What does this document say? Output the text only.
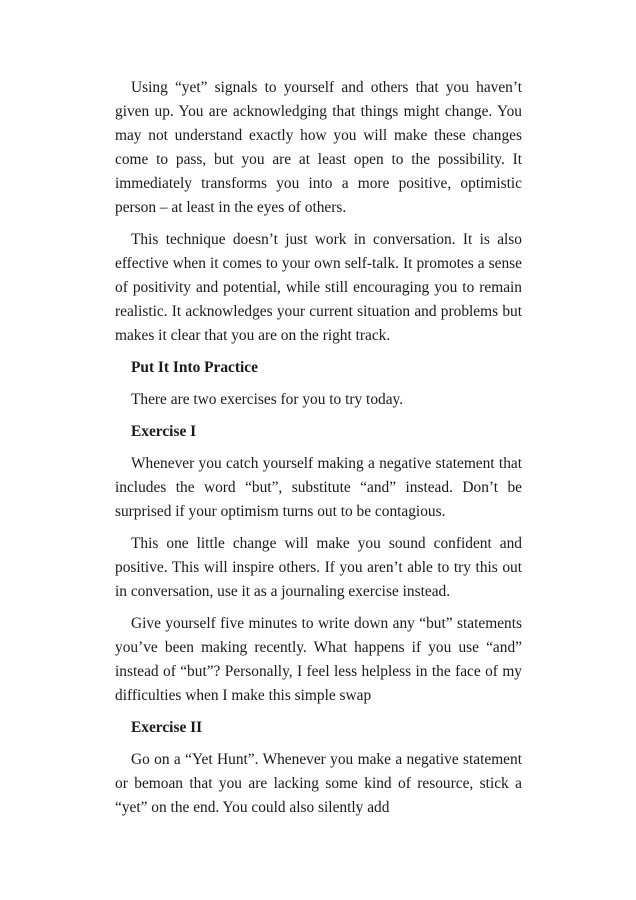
Using “yet” signals to yourself and others that you haven’t given up. You are acknowledging that things might change. You may not understand exactly how you will make these changes come to pass, but you are at least open to the possibility. It immediately transforms you into a more positive, optimistic person – at least in the eyes of others.

This technique doesn’t just work in conversation. It is also effective when it comes to your own self-talk. It promotes a sense of positivity and potential, while still encouraging you to remain realistic. It acknowledges your current situation and problems but makes it clear that you are on the right track.

Put It Into Practice

There are two exercises for you to try today.

Exercise I

Whenever you catch yourself making a negative statement that includes the word “but”, substitute “and” instead. Don’t be surprised if your optimism turns out to be contagious.

This one little change will make you sound confident and positive. This will inspire others. If you aren’t able to try this out in conversation, use it as a journaling exercise instead.

Give yourself five minutes to write down any “but” statements you’ve been making recently. What happens if you use “and” instead of “but”? Personally, I feel less helpless in the face of my difficulties when I make this simple swap

Exercise II

Go on a “Yet Hunt”. Whenever you make a negative statement or bemoan that you are lacking some kind of resource, stick a “yet” on the end. You could also silently add
